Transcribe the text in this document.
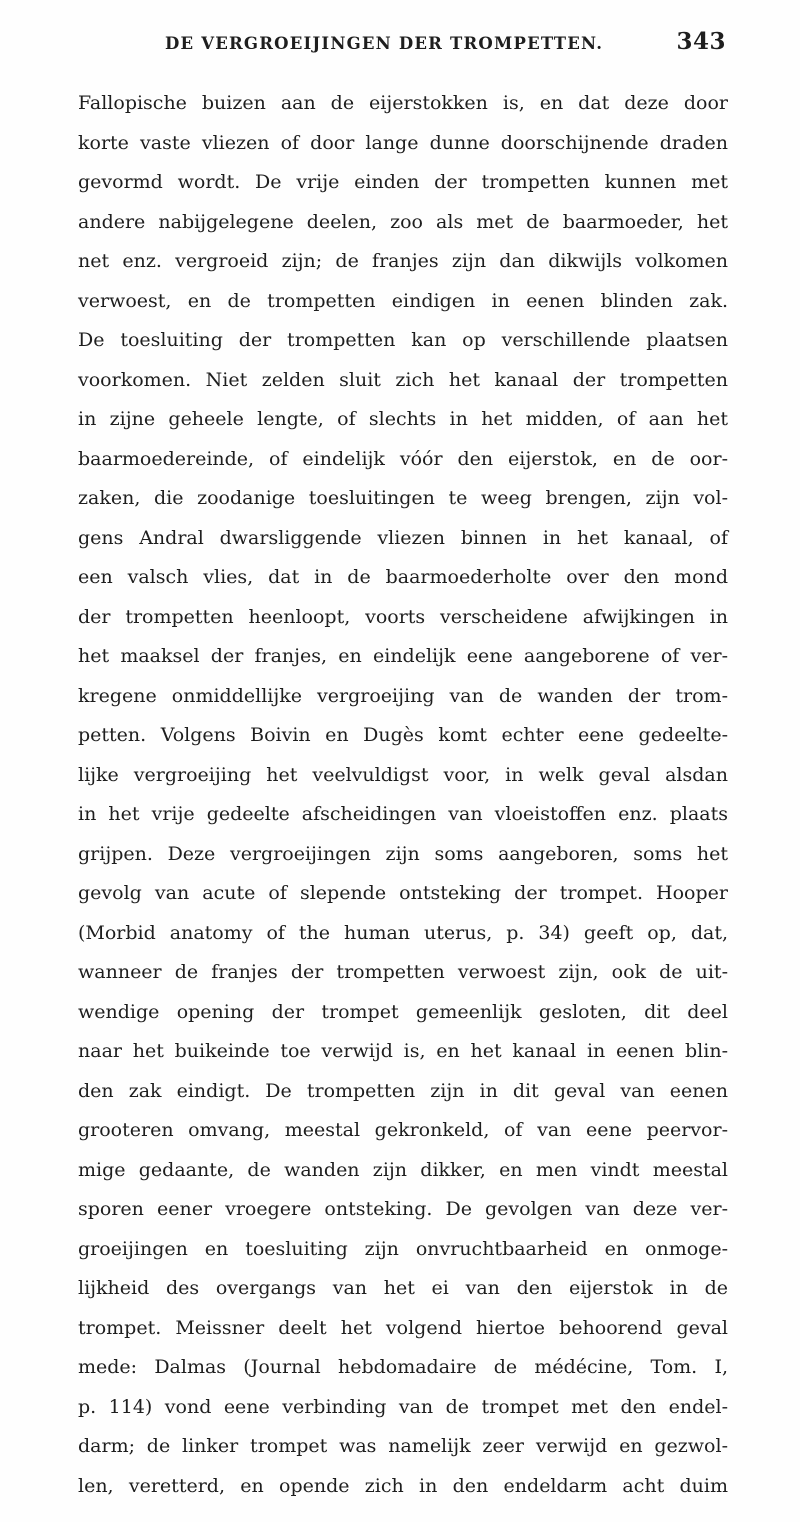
DE VERGROEIJINGEN DER TROMPETTEN.	343
Fallopische buizen aan de eijerstokken is, en dat deze door
korte vaste vliezen of door lange dunne doorschijnende draden
gevormd wordt. De vrije einden der trompetten kunnen met
andere nabijgelegene deelen, zoo als met de baarmoeder, het
net enz. vergroeid zijn; de franjes zijn dan dikwijls volkomen
verwoest, en de trompetten eindigen in eenen blinden zak.
De toesluiting der trompetten kan op verschillende plaatsen
voorkomen. Niet zelden sluit zich het kanaal der trompetten
in zijne geheele lengte, of slechts in het midden, of aan het
baarmoedereinde, of eindelijk vóór den eijerstok, en de oor-
zaken, die zoodanige toesluitingen te weeg brengen, zijn vol-
gens Andral dwarsliggende vliezen binnen in het kanaal, of
een valsch vlies, dat in de baarmoederholte over den mond
der trompetten heenloopt, voorts verscheidene afwijkingen in
het maaksel der franjes, en eindelijk eene aangeborene of ver-
kregene onmiddellijke vergroeijing van de wanden der trom-
petten. Volgens Boivin en Dugès komt echter eene gedeelte-
lijke vergroeijing het veelvuldigst voor, in welk geval alsdan
in het vrije gedeelte afscheidingen van vloeistoffen enz. plaats
grijpen. Deze vergroeijingen zijn soms aangeboren, soms het
gevolg van acute of slepende ontsteking der trompet. Hooper
(Morbid anatomy of the human uterus, p. 34) geeft op, dat,
wanneer de franjes der trompetten verwoest zijn, ook de uit-
wendige opening der trompet gemeenlijk gesloten, dit deel
naar het buikeinde toe verwijd is, en het kanaal in eenen blin-
den zak eindigt. De trompetten zijn in dit geval van eenen
grooteren omvang, meestal gekronkeld, of van eene peervor-
mige gedaante, de wanden zijn dikker, en men vindt meestal
sporen eener vroegere ontsteking. De gevolgen van deze ver-
groeijingen en toesluiting zijn onvruchtbaarheid en onmoge-
lijkheid des overgangs van het ei van den eijerstok in de
trompet. Meissner deelt het volgend hiertoe behoorend geval
mede: Dalmas (Journal hebdomadaire de médécine, Tom. I,
p. 114) vond eene verbinding van de trompet met den endel-
darm; de linker trompet was namelijk zeer verwijd en gezwol-
len, veretterd, en opende zich in den endeldarm acht duim
